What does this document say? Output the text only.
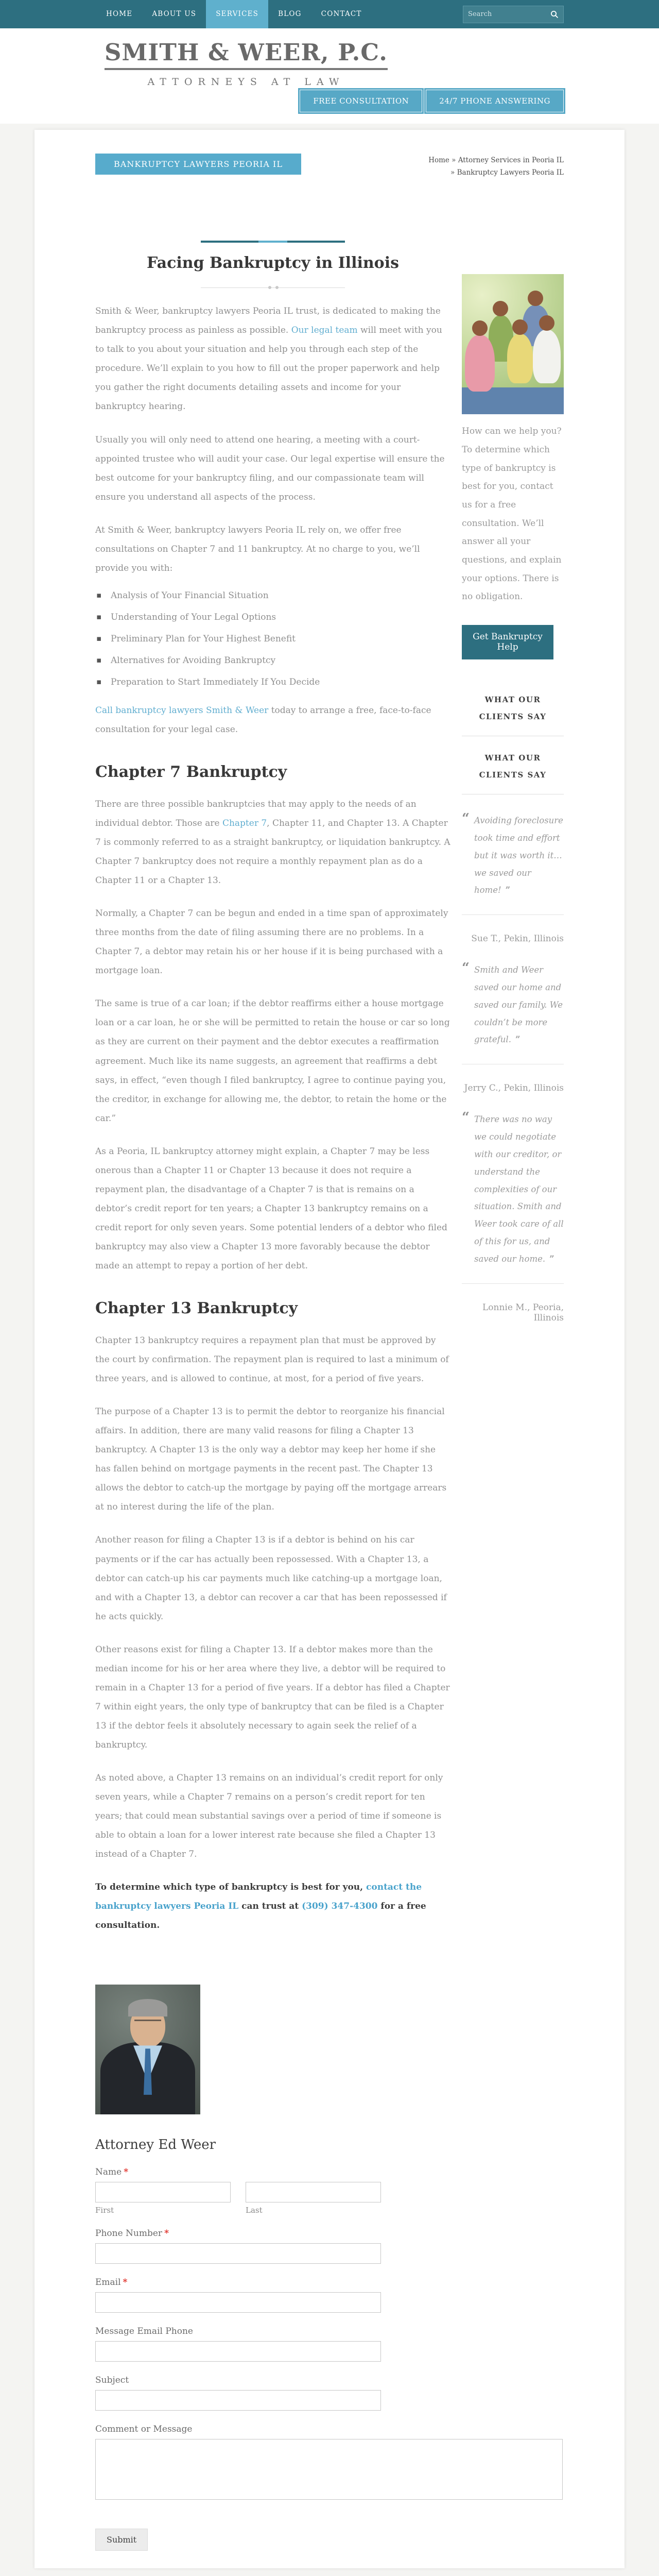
HOME	ABOUT US	SERVICES	BLOG	CONTACT
Search
SMITH & WEER, P.C.
ATTORNEYS AT LAW
FREE CONSULTATION	24/7 PHONE ANSWERING
BANKRUPTCY LAWYERS PEORIA IL	Home » Attorney Services in Peoria IL
» Bankruptcy Lawyers Peoria IL
Facing Bankruptcy in Illinois

Smith & Weer, bankruptcy lawyers Peoria IL trust, is dedicated to making the bankruptcy process as painless as possible. Our legal team will meet with you to talk to you about your situation and help you through each step of the procedure. We’ll explain to you how to fill out the proper paperwork and help you gather the right documents detailing assets and income for your bankruptcy hearing.

Usually you will only need to attend one hearing, a meeting with a court-appointed trustee who will audit your case. Our legal expertise will ensure the best outcome for your bankruptcy filing, and our compassionate team will ensure you understand all aspects of the process.

At Smith & Weer, bankruptcy lawyers Peoria IL rely on, we offer free consultations on Chapter 7 and 11 bankruptcy. At no charge to you, we’ll provide you with:

▪ Analysis of Your Financial Situation
▪ Understanding of Your Legal Options
▪ Preliminary Plan for Your Highest Benefit
▪ Alternatives for Avoiding Bankruptcy
▪ Preparation to Start Immediately If You Decide

Call bankruptcy lawyers Smith & Weer today to arrange a free, face-to-face consultation for your legal case.

Chapter 7 Bankruptcy

There are three possible bankruptcies that may apply to the needs of an individual debtor. Those are Chapter 7, Chapter 11, and Chapter 13. A Chapter 7 is commonly referred to as a straight bankruptcy, or liquidation bankruptcy. A Chapter 7 bankruptcy does not require a monthly repayment plan as do a Chapter 11 or a Chapter 13.

Normally, a Chapter 7 can be begun and ended in a time span of approximately three months from the date of filing assuming there are no problems. In a Chapter 7, a debtor may retain his or her house if it is being purchased with a mortgage loan.

The same is true of a car loan; if the debtor reaffirms either a house mortgage loan or a car loan, he or she will be permitted to retain the house or car so long as they are current on their payment and the debtor executes a reaffirmation agreement. Much like its name suggests, an agreement that reaffirms a debt says, in effect, “even though I filed bankruptcy, I agree to continue paying you, the creditor, in exchange for allowing me, the debtor, to retain the home or the car.”

As a Peoria, IL bankruptcy attorney might explain, a Chapter 7 may be less onerous than a Chapter 11 or Chapter 13 because it does not require a repayment plan, the disadvantage of a Chapter 7 is that is remains on a debtor’s credit report for ten years; a Chapter 13 bankruptcy remains on a credit report for only seven years. Some potential lenders of a debtor who filed bankruptcy may also view a Chapter 13 more favorably because the debtor made an attempt to repay a portion of her debt.

Chapter 13 Bankruptcy

Chapter 13 bankruptcy requires a repayment plan that must be approved by the court by confirmation. The repayment plan is required to last a minimum of three years, and is allowed to continue, at most, for a period of five years.

The purpose of a Chapter 13 is to permit the debtor to reorganize his financial affairs. In addition, there are many valid reasons for filing a Chapter 13 bankruptcy. A Chapter 13 is the only way a debtor may keep her home if she has fallen behind on mortgage payments in the recent past. The Chapter 13 allows the debtor to catch-up the mortgage by paying off the mortgage arrears at no interest during the life of the plan.

Another reason for filing a Chapter 13 is if a debtor is behind on his car payments or if the car has actually been repossessed. With a Chapter 13, a debtor can catch-up his car payments much like catching-up a mortgage loan, and with a Chapter 13, a debtor can recover a car that has been repossessed if he acts quickly.

Other reasons exist for filing a Chapter 13. If a debtor makes more than the median income for his or her area where they live, a debtor will be required to remain in a Chapter 13 for a period of five years. If a debtor has filed a Chapter 7 within eight years, the only type of bankruptcy that can be filed is a Chapter 13 if the debtor feels it absolutely necessary to again seek the relief of a bankruptcy.

As noted above, a Chapter 13 remains on an individual’s credit report for only seven years, while a Chapter 7 remains on a person’s credit report for ten years; that could mean substantial savings over a period of time if someone is able to obtain a loan for a lower interest rate because she filed a Chapter 13 instead of a Chapter 7.

To determine which type of bankruptcy is best for you, contact the bankruptcy lawyers Peoria IL can trust at (309) 347-4300 for a free consultation.

Attorney Ed Weer
Name *
First	Last
Phone Number *
Email *
Message Email Phone
Subject
Comment or Message
Submit

How can we help you? To determine which type of bankruptcy is best for you, contact us for a free consultation. We’ll answer all your questions, and explain your options. There is no obligation.

Get Bankruptcy Help
WHAT OUR CLIENTS SAY
WHAT OUR CLIENTS SAY
“ Avoiding foreclosure took time and effort but it was worth it…we saved our home! ”

Sue T., Pekin, Illinois
“ Smith and Weer saved our home and saved our family. We couldn’t be more grateful. ”

Jerry C., Pekin, Illinois
“ There was no way we could negotiate with our creditor, or understand the complexities of our situation. Smith and Weer took care of all of this for us, and saved our home. ”

Lonnie M., Peoria, Illinois
